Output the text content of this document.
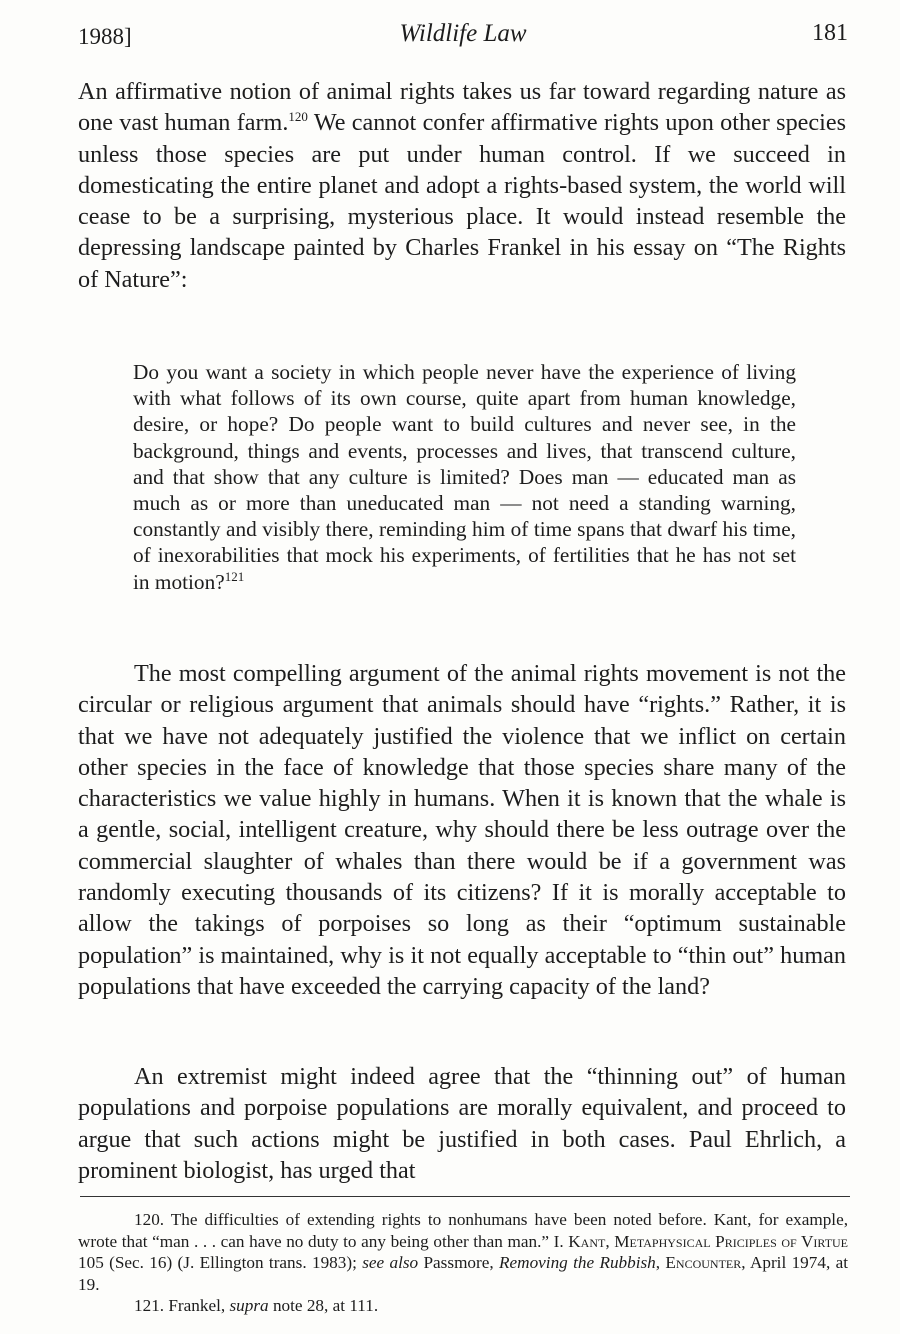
1988]	Wildlife Law	181
An affirmative notion of animal rights takes us far toward regarding nature as one vast human farm.$^{120}$ We cannot confer affirmative rights upon other species unless those species are put under human control. If we succeed in domesticating the entire planet and adopt a rights-based system, the world will cease to be a surprising, mysterious place. It would instead resemble the depressing landscape painted by Charles Frankel in his essay on “The Rights of Nature”:
Do you want a society in which people never have the experience of living with what follows of its own course, quite apart from human knowledge, desire, or hope? Do people want to build cultures and never see, in the background, things and events, processes and lives, that transcend culture, and that show that any culture is limited? Does man — educated man as much as or more than uneducated man — not need a standing warning, constantly and visibly there, reminding him of time spans that dwarf his time, of inexorabilities that mock his experiments, of fertilities that he has not set in motion?$^{121}$
The most compelling argument of the animal rights movement is not the circular or religious argument that animals should have “rights.” Rather, it is that we have not adequately justified the violence that we inflict on certain other species in the face of knowledge that those species share many of the characteristics we value highly in humans. When it is known that the whale is a gentle, social, intelligent creature, why should there be less outrage over the commercial slaughter of whales than there would be if a government was randomly executing thousands of its citizens? If it is morally acceptable to allow the takings of porpoises so long as their “optimum sustainable population” is maintained, why is it not equally acceptable to “thin out” human populations that have exceeded the carrying capacity of the land?
An extremist might indeed agree that the “thinning out” of human populations and porpoise populations are morally equivalent, and proceed to argue that such actions might be justified in both cases. Paul Ehrlich, a prominent biologist, has urged that

120. The difficulties of extending rights to nonhumans have been noted before. Kant, for example, wrote that “man . . . can have no duty to any being other than man.” I. Kant, Metaphysical Priciples of Virtue 105 (Sec. 16) (J. Ellington trans. 1983); see also Passmore, Removing the Rubbish, Encounter, April 1974, at 19.

121. Frankel, supra note 28, at 111.
